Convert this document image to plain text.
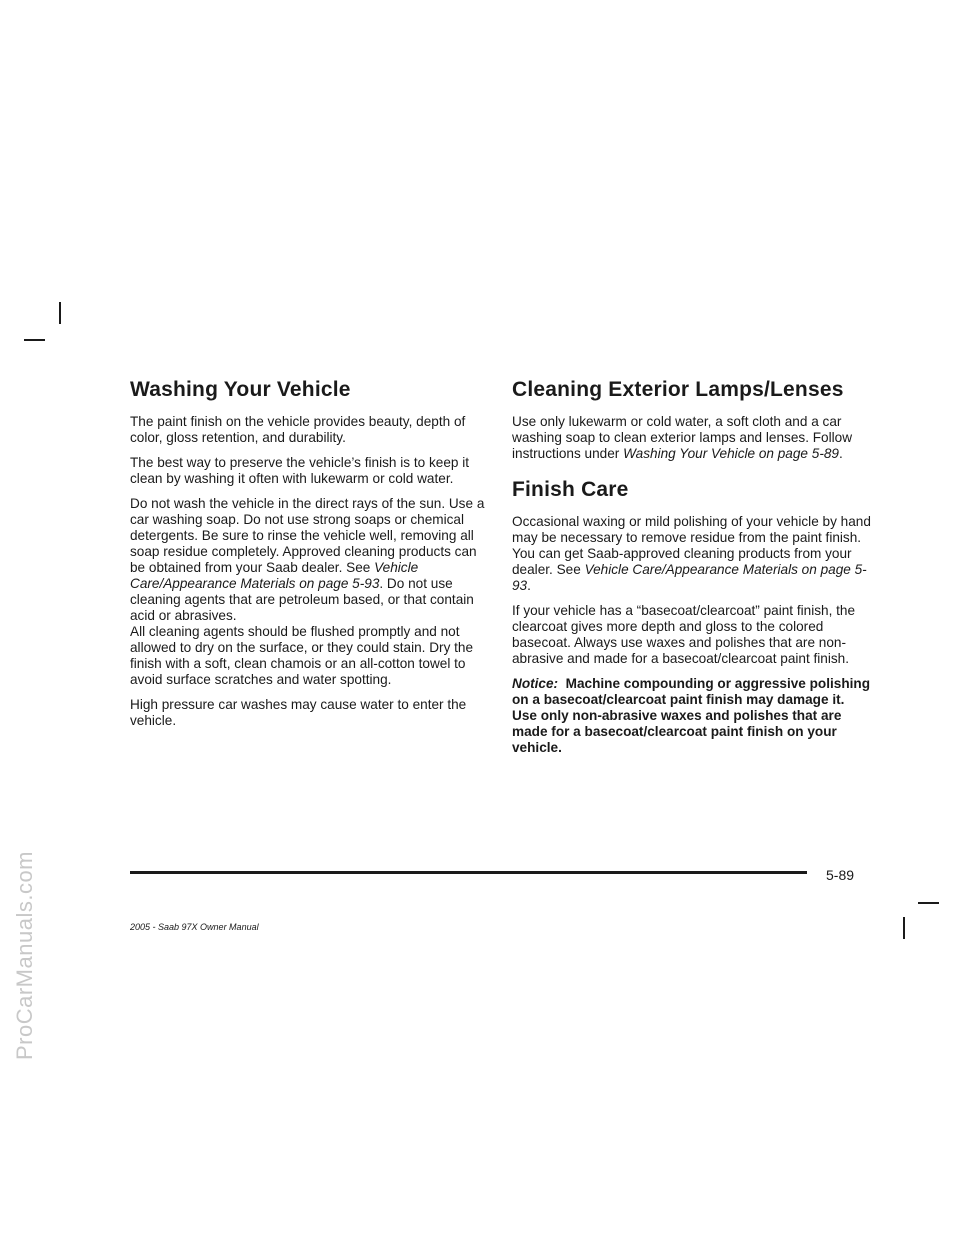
ProCarManuals.com
Washing Your Vehicle

The paint finish on the vehicle provides beauty, depth of color, gloss retention, and durability.

The best way to preserve the vehicle’s finish is to keep it clean by washing it often with lukewarm or cold water.

Do not wash the vehicle in the direct rays of the sun. Use a car washing soap. Do not use strong soaps or chemical detergents. Be sure to rinse the vehicle well, removing all soap residue completely. Approved cleaning products can be obtained from your Saab dealer. See Vehicle Care/Appearance Materials on page 5-93. Do not use cleaning agents that are petroleum based, or that contain acid or abrasives.

All cleaning agents should be flushed promptly and not allowed to dry on the surface, or they could stain. Dry the finish with a soft, clean chamois or an all-cotton towel to avoid surface scratches and water spotting.

High pressure car washes may cause water to enter the vehicle.

Cleaning Exterior Lamps/Lenses

Use only lukewarm or cold water, a soft cloth and a car washing soap to clean exterior lamps and lenses. Follow instructions under Washing Your Vehicle on page 5-89.

Finish Care

Occasional waxing or mild polishing of your vehicle by hand may be necessary to remove residue from the paint finish. You can get Saab-approved cleaning products from your dealer. See Vehicle Care/Appearance Materials on page 5-93.

If your vehicle has a “basecoat/clearcoat” paint finish, the clearcoat gives more depth and gloss to the colored basecoat. Always use waxes and polishes that are non-abrasive and made for a basecoat/clearcoat paint finish.

Notice: Machine compounding or aggressive polishing on a basecoat/clearcoat paint finish may damage it. Use only non-abrasive waxes and polishes that are made for a basecoat/clearcoat paint finish on your vehicle.

5-89
2005 - Saab 97X Owner Manual
